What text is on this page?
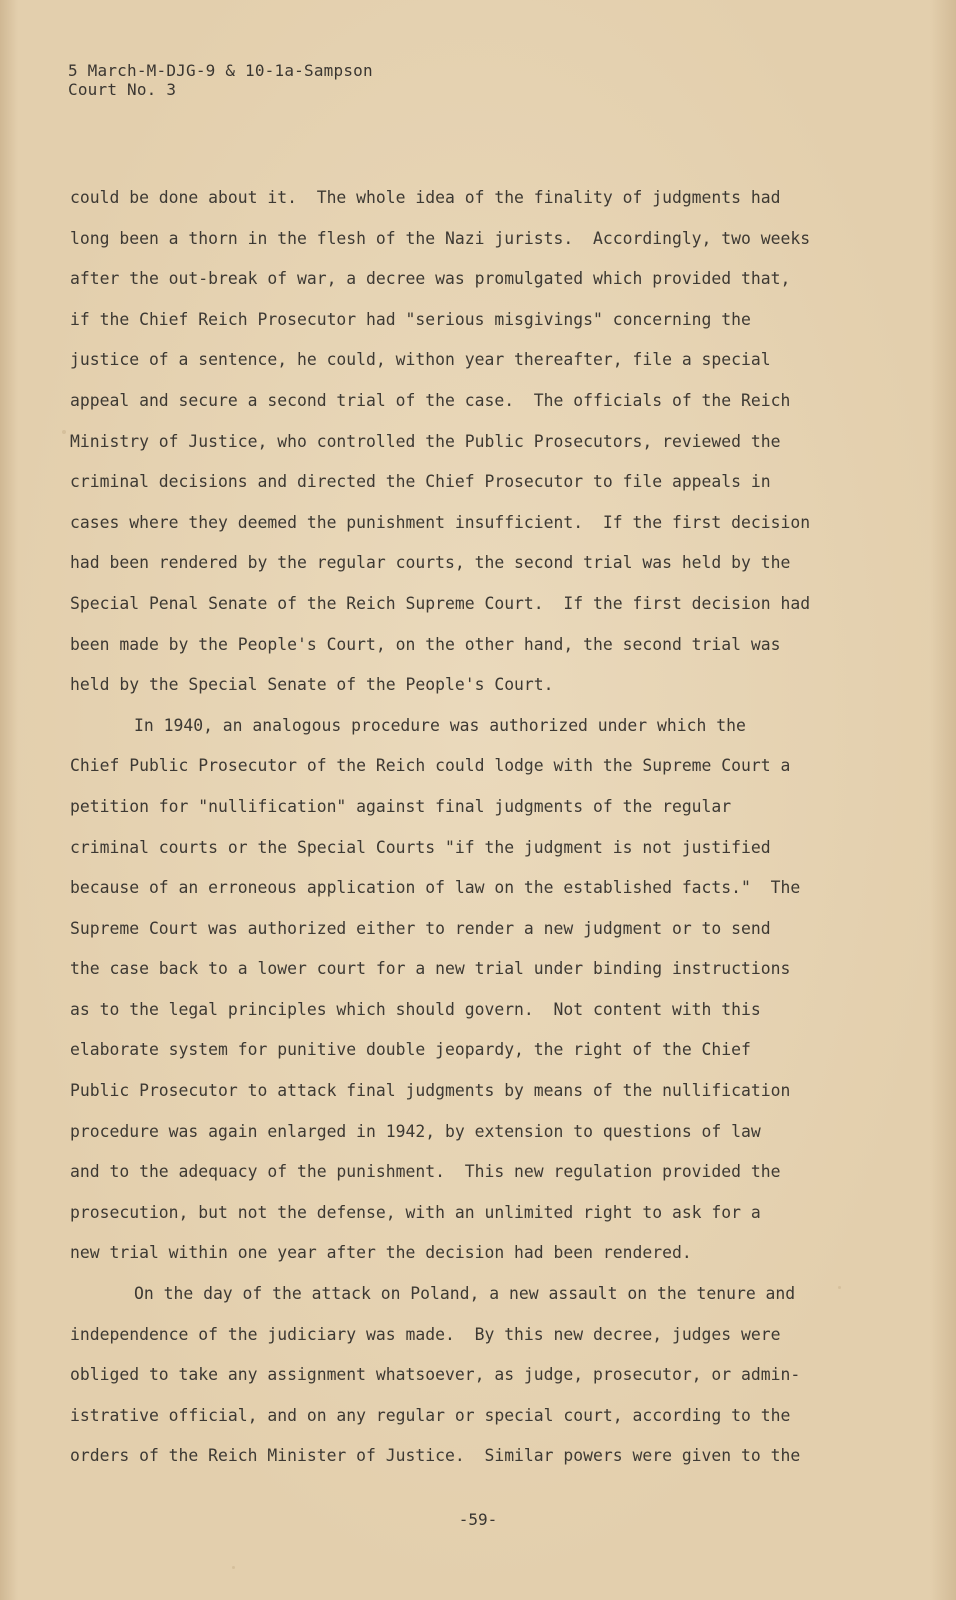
5 March-M-DJG-9 & 10-1a-Sampson
Court No. 3
could be done about it.  The whole idea of the finality of judgments had
long been a thorn in the flesh of the Nazi jurists.  Accordingly, two weeks
after the out-break of war, a decree was promulgated which provided that,
if the Chief Reich Prosecutor had "serious misgivings" concerning the
justice of a sentence, he could, withon year thereafter, file a special
appeal and secure a second trial of the case.  The officials of the Reich
Ministry of Justice, who controlled the Public Prosecutors, reviewed the
criminal decisions and directed the Chief Prosecutor to file appeals in
cases where they deemed the punishment insufficient.  If the first decision
had been rendered by the regular courts, the second trial was held by the
Special Penal Senate of the Reich Supreme Court.  If the first decision had
been made by the People's Court, on the other hand, the second trial was
held by the Special Senate of the People's Court.
In 1940, an analogous procedure was authorized under which the
Chief Public Prosecutor of the Reich could lodge with the Supreme Court a
petition for "nullification" against final judgments of the regular
criminal courts or the Special Courts "if the judgment is not justified
because of an erroneous application of law on the established facts."  The
Supreme Court was authorized either to render a new judgment or to send
the case back to a lower court for a new trial under binding instructions
as to the legal principles which should govern.  Not content with this
elaborate system for punitive double jeopardy, the right of the Chief
Public Prosecutor to attack final judgments by means of the nullification
procedure was again enlarged in 1942, by extension to questions of law
and to the adequacy of the punishment.  This new regulation provided the
prosecution, but not the defense, with an unlimited right to ask for a
new trial within one year after the decision had been rendered.
On the day of the attack on Poland, a new assault on the tenure and
independence of the judiciary was made.  By this new decree, judges were
obliged to take any assignment whatsoever, as judge, prosecutor, or admin-
istrative official, and on any regular or special court, according to the
orders of the Reich Minister of Justice.  Similar powers were given to the
-59-
